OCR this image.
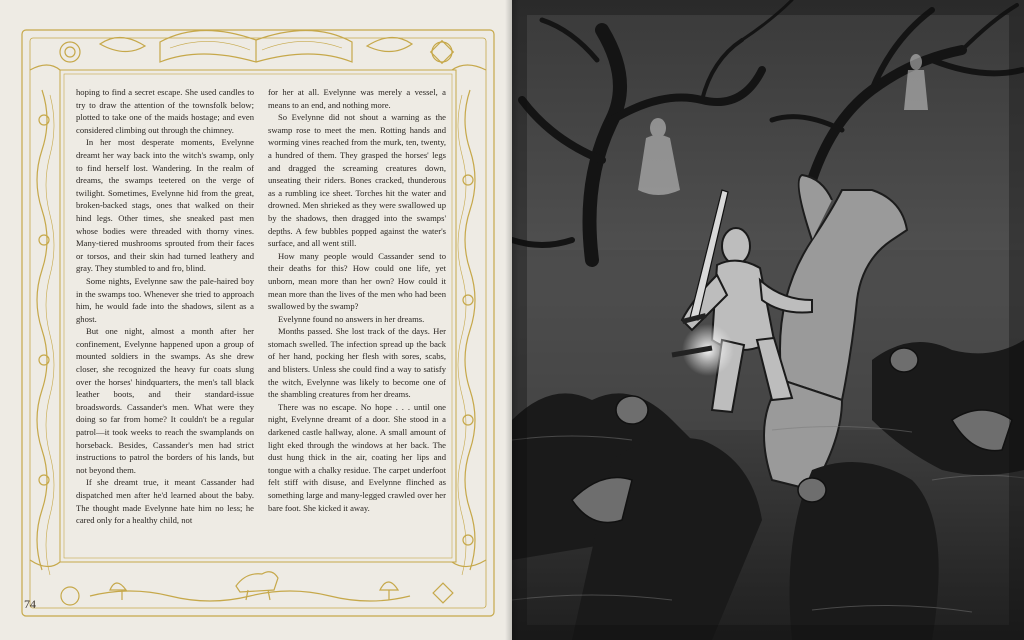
hoping to find a secret escape. She used candles to try to draw the attention of the townsfolk below; plotted to take one of the maids hostage; and even considered climbing out through the chimney.

In her most desperate moments, Evelynne dreamt her way back into the witch's swamp, only to find herself lost. Wandering. In the realm of dreams, the swamps teetered on the verge of twilight. Sometimes, Evelynne hid from the great, broken-backed stags, ones that walked on their hind legs. Other times, she sneaked past men whose bodies were threaded with thorny vines. Many-tiered mushrooms sprouted from their faces or torsos, and their skin had turned leathery and gray. They stumbled to and fro, blind.

Some nights, Evelynne saw the pale-haired boy in the swamps too. Whenever she tried to approach him, he would fade into the shadows, silent as a ghost.

But one night, almost a month after her confinement, Evelynne happened upon a group of mounted soldiers in the swamps. As she drew closer, she recognized the heavy fur coats slung over the horses' hindquarters, the men's tall black leather boots, and their standard-issue broadswords. Cassander's men. What were they doing so far from home? It couldn't be a regular patrol—it took weeks to reach the swamplands on horseback. Besides, Cassander's men had strict instructions to patrol the borders of his lands, but not beyond them.

If she dreamt true, it meant Cassander had dispatched men after he'd learned about the baby. The thought made Evelynne hate him no less; he cared only for a healthy child, not

for her at all. Evelynne was merely a vessel, a means to an end, and nothing more.

So Evelynne did not shout a warning as the swamp rose to meet the men. Rotting hands and worming vines reached from the murk, ten, twenty, a hundred of them. They grasped the horses' legs and dragged the screaming creatures down, unseating their riders. Bones cracked, thunderous as a rumbling ice sheet. Torches hit the water and drowned. Men shrieked as they were swallowed up by the shadows, then dragged into the swamps' depths. A few bubbles popped against the water's surface, and all went still.

How many people would Cassander send to their deaths for this? How could one life, yet unborn, mean more than her own? How could it mean more than the lives of the men who had been swallowed by the swamp?

Evelynne found no answers in her dreams.

Months passed. She lost track of the days. Her stomach swelled. The infection spread up the back of her hand, pocking her flesh with sores, scabs, and blisters. Unless she could find a way to satisfy the witch, Evelynne was likely to become one of the shambling creatures from her dreams.

There was no escape. No hope . . . until one night, Evelynne dreamt of a door. She stood in a darkened castle hallway, alone. A small amount of light eked through the windows at her back. The dust hung thick in the air, coating her lips and tongue with a chalky residue. The carpet underfoot felt stiff with disuse, and Evelynne flinched as something large and many-legged crawled over her bare foot. She kicked it away.

74
